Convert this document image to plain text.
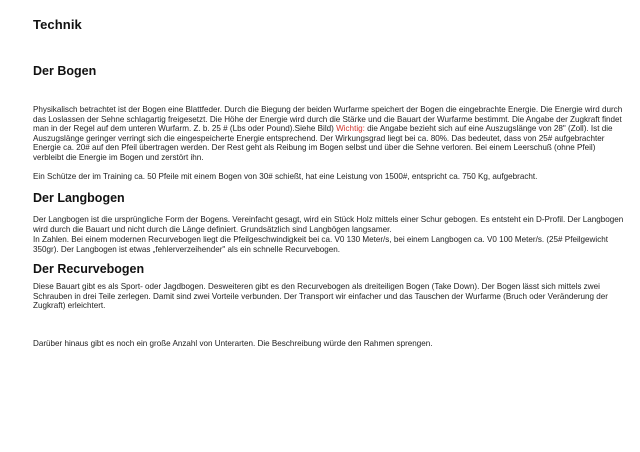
Technik
Der Bogen

Physikalisch betrachtet ist der Bogen eine Blattfeder. Durch die Biegung der beiden Wurfarme speichert der Bogen die eingebrachte Energie. Die Energie wird durch das Loslassen der Sehne schlagartig freigesetzt. Die Höhe der Energie wird durch die Stärke und die Bauart der Wurfarme bestimmt. Die Angabe der Zugkraft findet man in der Regel auf dem unteren Wurfarm. Z. b. 25 # (Lbs oder Pound).Siehe Bild) Wichtig: die Angabe bezieht sich auf eine Auszugslänge von 28" (Zoll). Ist die Auszugslänge geringer verringt sich die eingespeicherte Energie entsprechend. Der Wirkungsgrad liegt bei ca. 80%. Das bedeutet, dass von 25# aufgebrachter Energie ca. 20# auf den Pfeil übertragen werden. Der Rest geht als Reibung im Bogen selbst und über die Sehne verloren. Bei einem Leerschuß (ohne Pfeil) verbleibt die Energie im Bogen und zerstört ihn.

Ein Schütze der im Training ca. 50 Pfeile mit einem Bogen von 30# schießt, hat eine Leistung von 1500#, entspricht ca. 750 Kg, aufgebracht.

Der Langbogen

Der Langbogen ist die ursprüngliche Form der Bogens. Vereinfacht gesagt, wird ein Stück Holz mittels einer Schur gebogen. Es entsteht ein D-Profil. Der Langbogen wird durch die Bauart und nicht durch die Länge definiert. Grundsätzlich sind Langbögen langsamer.

In Zahlen. Bei einem modernen Recurvebogen liegt die Pfeilgeschwindigkeit bei ca. V0 130 Meter/s, bei einem Langbogen ca. V0 100 Meter/s. (25# Pfeilgewicht 350gr). Der Langbogen ist etwas „fehlerverzeihender" als ein schnelle Recurvebogen.

Der Recurvebogen

Diese Bauart gibt es als Sport- oder Jagdbogen. Desweiteren gibt es den Recurvebogen als dreiteiligen Bogen (Take Down). Der Bogen lässt sich mittels zwei Schrauben in drei Teile zerlegen. Damit sind zwei Vorteile verbunden. Der Transport wir einfacher und das Tauschen der Wurfarme (Bruch oder Veränderung der Zugkraft) erleichtert.

Darüber hinaus gibt es noch ein große Anzahl von Unterarten. Die Beschreibung würde den Rahmen sprengen.
